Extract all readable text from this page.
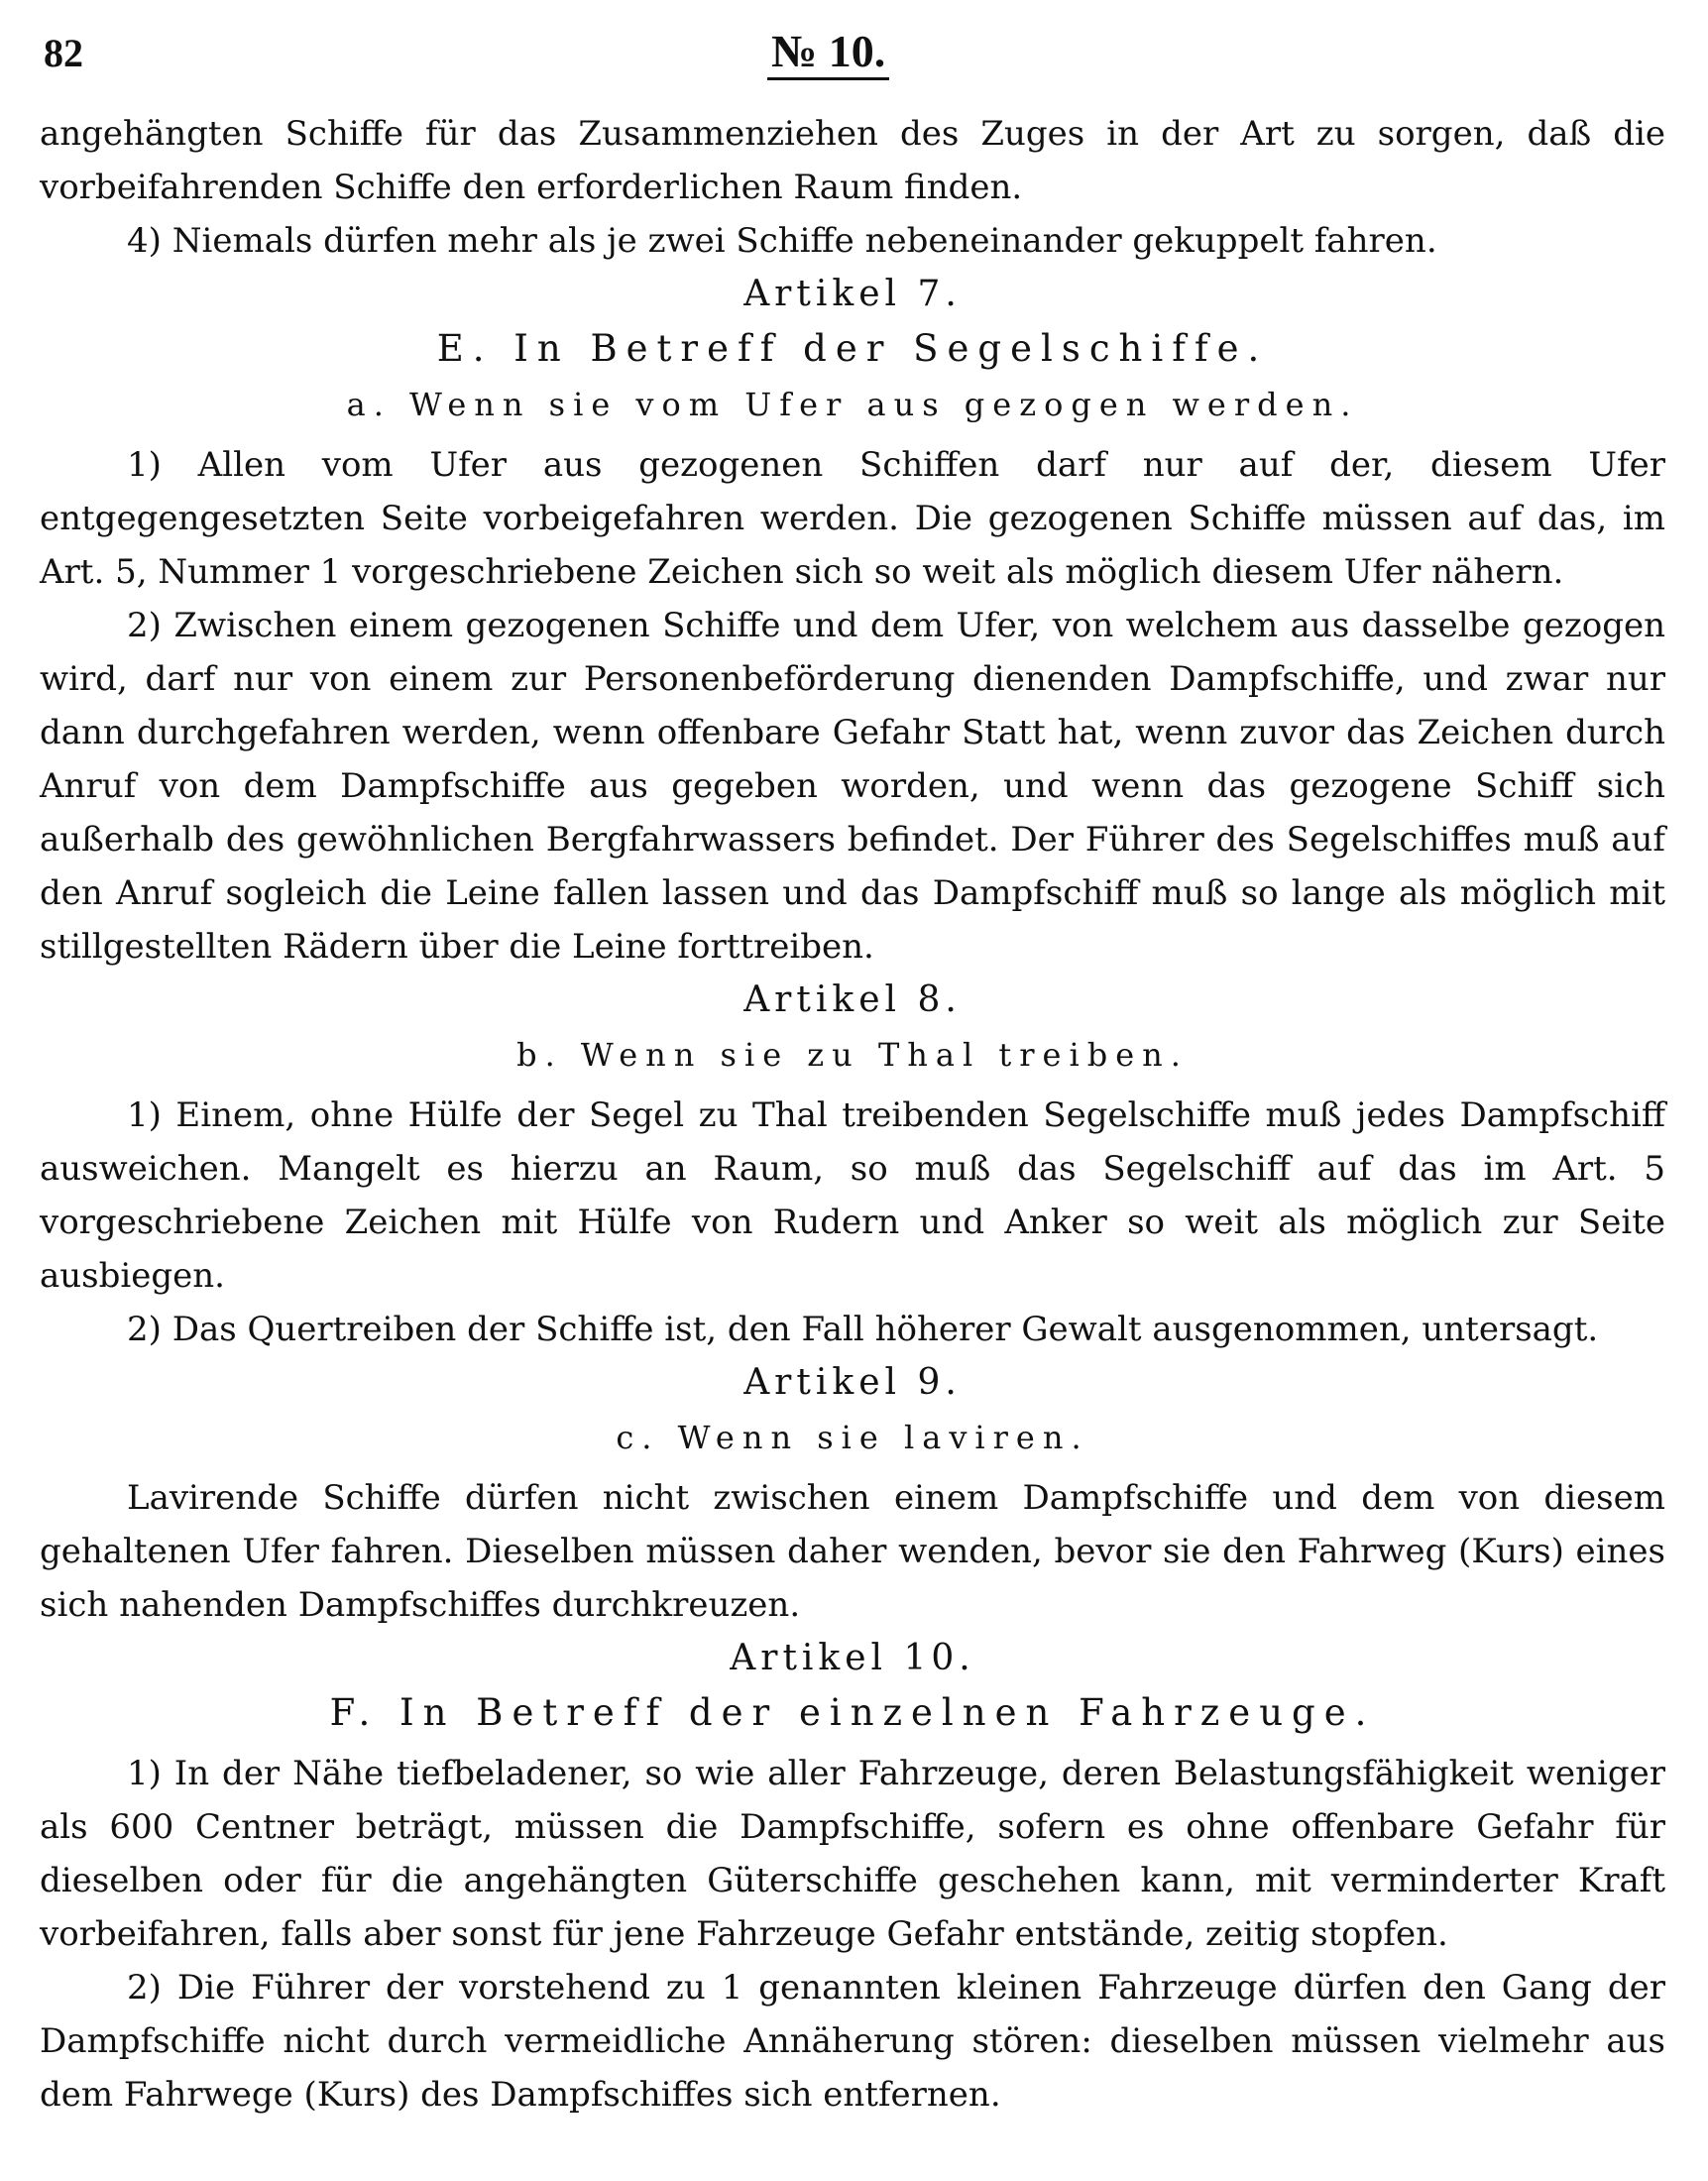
82	№ 10.

angehängten Schiffe für das Zusammenziehen des Zuges in der Art zu sorgen, daß die vorbeifahrenden Schiffe den erforderlichen Raum finden.

4) Niemals dürfen mehr als je zwei Schiffe nebeneinander gekuppelt fahren.

Artikel 7.

E. In Betreff der Segelschiffe.

a. Wenn sie vom Ufer aus gezogen werden.

1) Allen vom Ufer aus gezogenen Schiffen darf nur auf der, diesem Ufer entgegengesetzten Seite vorbeigefahren werden. Die gezogenen Schiffe müssen auf das, im Art. 5, Nummer 1 vorgeschriebene Zeichen sich so weit als möglich diesem Ufer nähern.

2) Zwischen einem gezogenen Schiffe und dem Ufer, von welchem aus dasselbe gezogen wird, darf nur von einem zur Personenbeförderung dienenden Dampfschiffe, und zwar nur dann durchgefahren werden, wenn offenbare Gefahr Statt hat, wenn zuvor das Zeichen durch Anruf von dem Dampfschiffe aus gegeben worden, und wenn das gezogene Schiff sich außerhalb des gewöhnlichen Bergfahrwassers befindet. Der Führer des Segelschiffes muß auf den Anruf sogleich die Leine fallen lassen und das Dampfschiff muß so lange als möglich mit stillgestellten Rädern über die Leine forttreiben.

Artikel 8.

b. Wenn sie zu Thal treiben.

1) Einem, ohne Hülfe der Segel zu Thal treibenden Segelschiffe muß jedes Dampfschiff ausweichen. Mangelt es hierzu an Raum, so muß das Segelschiff auf das im Art. 5 vorgeschriebene Zeichen mit Hülfe von Rudern und Anker so weit als möglich zur Seite ausbiegen.

2) Das Quertreiben der Schiffe ist, den Fall höherer Gewalt ausgenommen, untersagt.

Artikel 9.

c. Wenn sie laviren.

Lavirende Schiffe dürfen nicht zwischen einem Dampfschiffe und dem von diesem gehaltenen Ufer fahren. Dieselben müssen daher wenden, bevor sie den Fahrweg (Kurs) eines sich nahenden Dampfschiffes durchkreuzen.

Artikel 10.

F. In Betreff der einzelnen Fahrzeuge.

1) In der Nähe tiefbeladener, so wie aller Fahrzeuge, deren Belastungsfähigkeit weniger als 600 Centner beträgt, müssen die Dampfschiffe, sofern es ohne offenbare Gefahr für dieselben oder für die angehängten Güterschiffe geschehen kann, mit verminderter Kraft vorbeifahren, falls aber sonst für jene Fahrzeuge Gefahr entstände, zeitig stopfen.

2) Die Führer der vorstehend zu 1 genannten kleinen Fahrzeuge dürfen den Gang der Dampfschiffe nicht durch vermeidliche Annäherung stören: dieselben müssen vielmehr aus dem Fahrwege (Kurs) des Dampfschiffes sich entfernen.
